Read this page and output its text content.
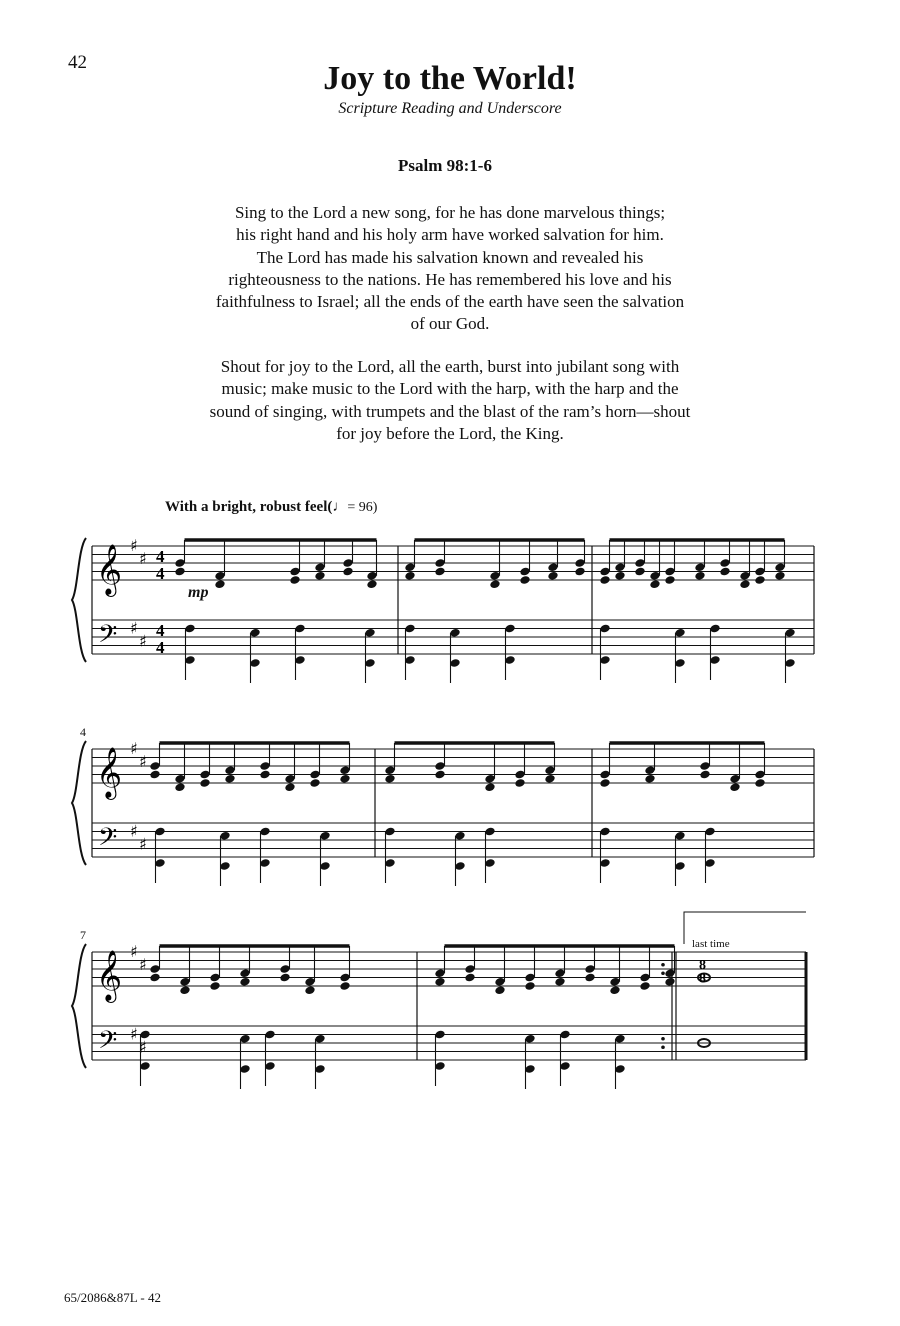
42	Joy to the World!
Scripture Reading and Underscore
Psalm 98:1-6
Sing to the Lord a new song, for he has done marvelous things;
his right hand and his holy arm have worked salvation for him.
The Lord has made his salvation known and revealed his
righteousness to the nations. He has remembered his love and his
faithfulness to Israel; all the ends of the earth have seen the salvation
of our God.
Shout for joy to the Lord, all the earth, burst into jubilant song with
music; make music to the Lord with the harp, with the harp and the
sound of singing, with trumpets and the blast of the ram’s horn—shout
for joy before the Lord, the King.
With a bright, robust feel(♩= 96)
mp
4
7
last time
65/2086&87L - 42
𝄞
𝄢
♯
♯
♯
♯
4
4
4
4
𝄞
𝄢
♯
♯
♯
♯
𝄞
𝄢
♯
♯
♯
♯
8
8
